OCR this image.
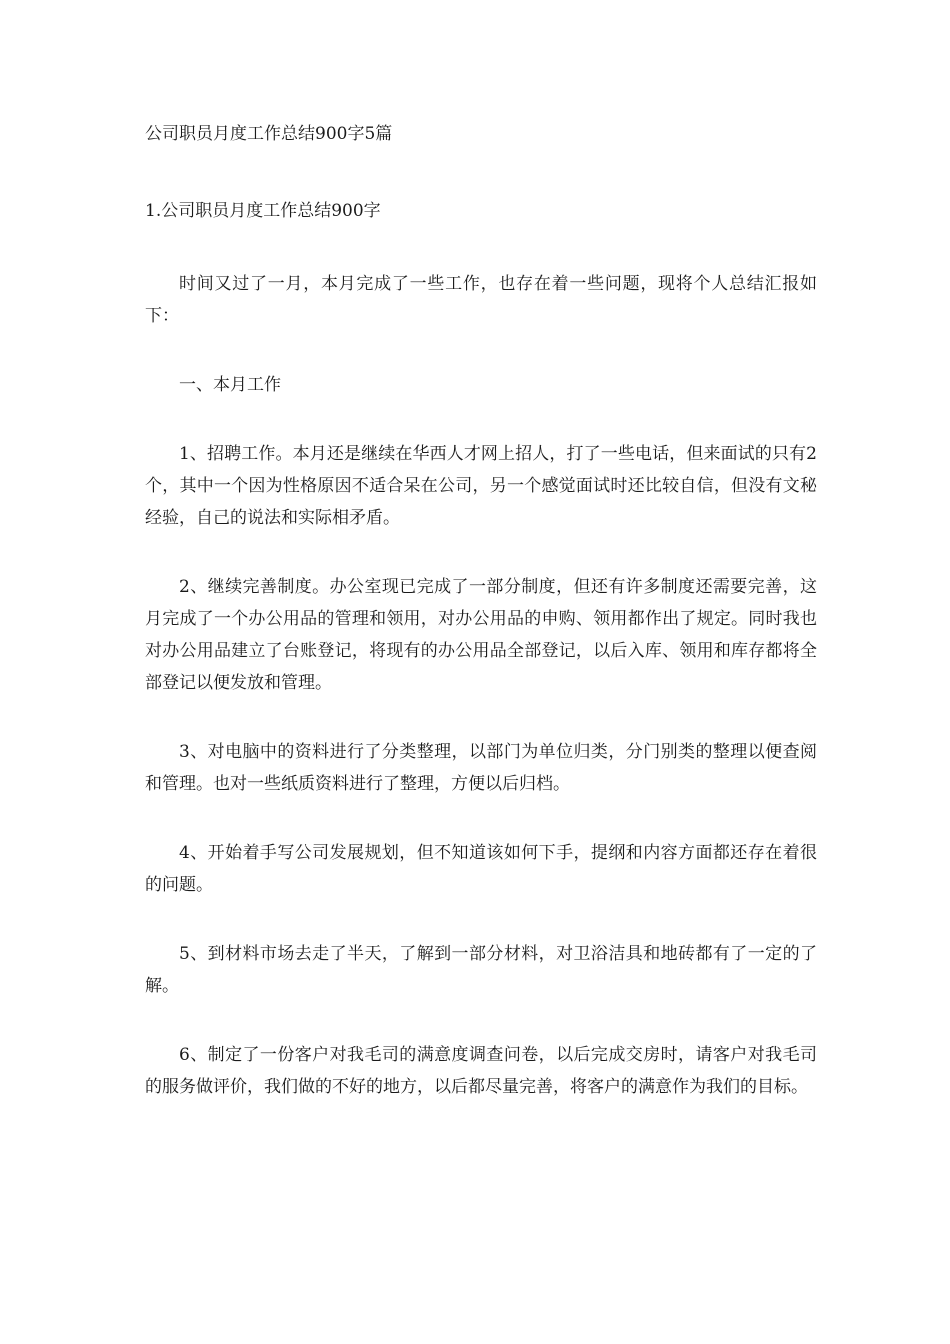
公司职员月度工作总结900字5篇
1.公司职员月度工作总结900字

时间又过了一月，本月完成了一些工作，也存在着一些问题，现将个人总结汇报如下：

一、本月工作

1、招聘工作。本月还是继续在华西人才网上招人，打了一些电话，但来面试的只有2个，其中一个因为性格原因不适合呆在公司，另一个感觉面试时还比较自信，但没有文秘经验，自己的说法和实际相矛盾。

2、继续完善制度。办公室现已完成了一部分制度，但还有许多制度还需要完善，这月完成了一个办公用品的管理和领用，对办公用品的申购、领用都作出了规定。同时我也对办公用品建立了台账登记，将现有的办公用品全部登记，以后入库、领用和库存都将全部登记以便发放和管理。

3、对电脑中的资料进行了分类整理，以部门为单位归类，分门别类的整理以便查阅和管理。也对一些纸质资料进行了整理，方便以后归档。

4、开始着手写公司发展规划，但不知道该如何下手，提纲和内容方面都还存在着很的问题。

5、到材料市场去走了半天，了解到一部分材料，对卫浴洁具和地砖都有了一定的了解。

6、制定了一份客户对我毛司的满意度调查问卷，以后完成交房时，请客户对我毛司的服务做评价，我们做的不好的地方，以后都尽量完善，将客户的满意作为我们的目标。
